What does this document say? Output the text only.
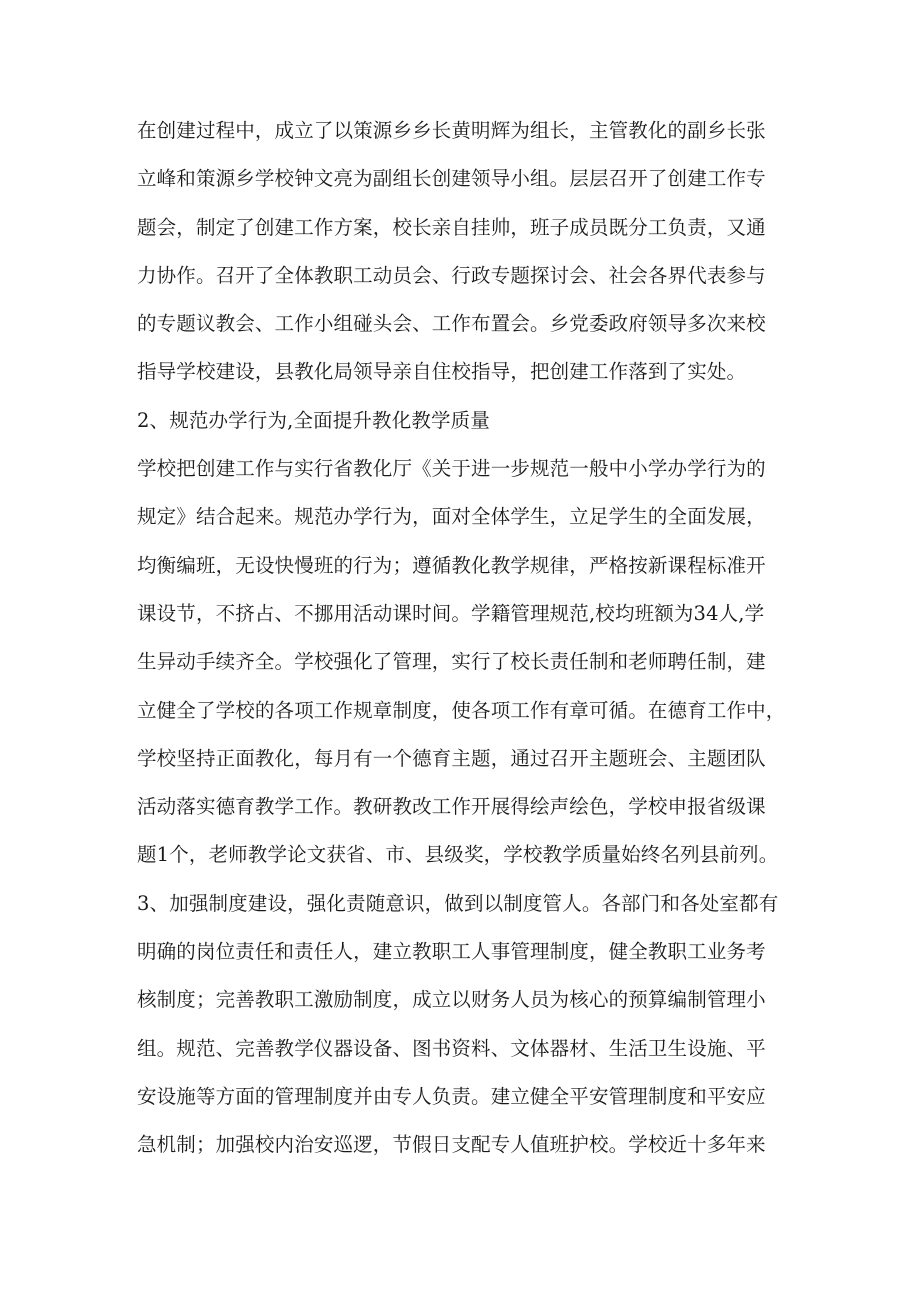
在创建过程中，成立了以策源乡乡长黄明辉为组长，主管教化的副乡长张
立峰和策源乡学校钟文亮为副组长创建领导小组。层层召开了创建工作专
题会，制定了创建工作方案，校长亲自挂帅，班子成员既分工负责，又通
力协作。召开了全体教职工动员会、行政专题探讨会、社会各界代表参与
的专题议教会、工作小组碰头会、工作布置会。乡党委政府领导多次来校
指导学校建设，县教化局领导亲自住校指导，把创建工作落到了实处。
2、规范办学行为,全面提升教化教学质量
学校把创建工作与实行省教化厅《关于进一步规范一般中小学办学行为的
规定》结合起来。规范办学行为，面对全体学生，立足学生的全面发展，
均衡编班，无设快慢班的行为；遵循教化教学规律，严格按新课程标准开
课设节，不挤占、不挪用活动课时间。学籍管理规范,校均班额为34人,学
生异动手续齐全。学校强化了管理，实行了校长责任制和老师聘任制，建
立健全了学校的各项工作规章制度，使各项工作有章可循。在德育工作中，
学校坚持正面教化，每月有一个德育主题，通过召开主题班会、主题团队
活动落实德育教学工作。教研教改工作开展得绘声绘色，学校申报省级课
题1个，老师教学论文获省、市、县级奖，学校教学质量始终名列县前列。
3、加强制度建设，强化责随意识，做到以制度管人。各部门和各处室都有
明确的岗位责任和责任人，建立教职工人事管理制度，健全教职工业务考
核制度；完善教职工激励制度，成立以财务人员为核心的预算编制管理小
组。规范、完善教学仪器设备、图书资料、文体器材、生活卫生设施、平
安设施等方面的管理制度并由专人负责。建立健全平安管理制度和平安应
急机制；加强校内治安巡逻，节假日支配专人值班护校。学校近十多年来
